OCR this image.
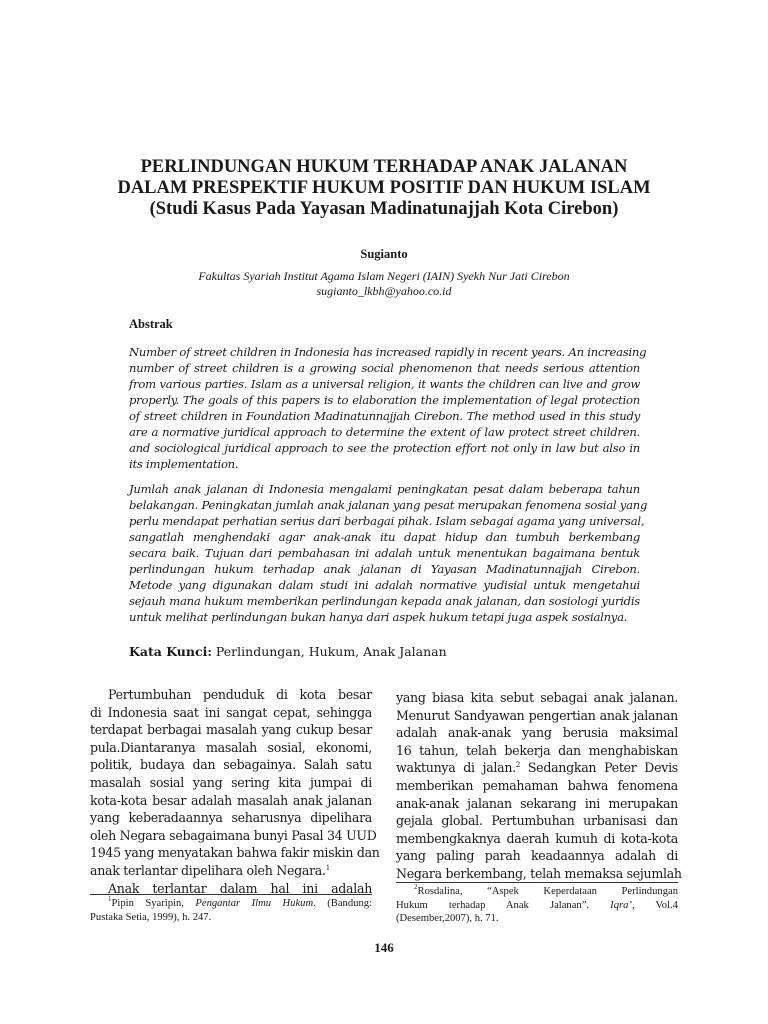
PERLINDUNGAN HUKUM TERHADAP ANAK JALANAN
DALAM PRESPEKTIF HUKUM POSITIF DAN HUKUM ISLAM
(Studi Kasus Pada Yayasan Madinatunajjah Kota Cirebon)
Sugianto
Fakultas Syariah Institut Agama Islam Negeri (IAIN) Syekh Nur Jati Cirebon
sugianto_lkbh@yahoo.co.id
Abstrak

Number of street children in Indonesia has increased rapidly in recent years. An increasing
number of street children is a growing social phenomenon that needs serious attention
from various parties. Islam as a universal religion, it wants the children can live and grow
properly. The goals of this papers is to elaboration the implementation of legal protection
of street children in Foundation Madinatunnajjah Cirebon. The method used in this study
are a normative juridical approach to determine the extent of law protect street children.
and sociological juridical approach to see the protection effort not only in law but also in
its implementation.

Jumlah anak jalanan di Indonesia mengalami peningkatan pesat dalam beberapa tahun
belakangan. Peningkatan jumlah anak jalanan yang pesat merupakan fenomena sosial yang
perlu mendapat perhatian serius dari berbagai pihak. Islam sebagai agama yang universal,
sangatlah menghendaki agar anak-anak itu dapat hidup dan tumbuh berkembang
secara baik. Tujuan dari pembahasan ini adalah untuk menentukan bagaimana bentuk
perlindungan hukum terhadap anak jalanan di Yayasan Madinatunnajjah Cirebon.
Metode yang digunakan dalam studi ini adalah normative yudisial untuk mengetahui
sejauh mana hukum memberikan perlindungan kepada anak jalanan, dan sosiologi yuridis
untuk melihat perlindungan bukan hanya dari aspek hukum tetapi juga aspek sosialnya.

Kata Kunci: Perlindungan, Hukum, Anak Jalanan

Pertumbuhan penduduk di kota besar
di Indonesia saat ini sangat cepat, sehingga
terdapat berbagai masalah yang cukup besar
pula.Diantaranya masalah sosial, ekonomi,
politik, budaya dan sebagainya. Salah satu
masalah sosial yang sering kita jumpai di
kota-kota besar adalah masalah anak jalanan
yang keberadaannya seharusnya dipelihara
oleh Negara sebagaimana bunyi Pasal 34 UUD
1945 yang menyatakan bahwa fakir miskin dan
anak terlantar dipelihara oleh Negara.$^1$
Anak terlantar dalam hal ini adalah

$^1$Pipin Syaripin, Pengantar Ilmu Hukum. (Bandung:
Pustaka Setia, 1999), h. 247.

yang biasa kita sebut sebagai anak jalanan.
Menurut Sandyawan pengertian anak jalanan
adalah anak-anak yang berusia maksimal
16 tahun, telah bekerja dan menghabiskan
waktunya di jalan.$^2$ Sedangkan Peter Devis
memberikan pemahaman bahwa fenomena
anak-anak jalanan sekarang ini merupakan
gejala global. Pertumbuhan urbanisasi dan
membengkaknya daerah kumuh di kota-kota
yang paling parah keadaannya adalah di
Negara berkembang, telah memaksa sejumlah

$^2$Rosdalina, “Aspek Keperdataan Perlindungan
Hukum terhadap Anak Jalanan”. Iqra’, Vol.4
(Desember,2007), h. 71.

146
